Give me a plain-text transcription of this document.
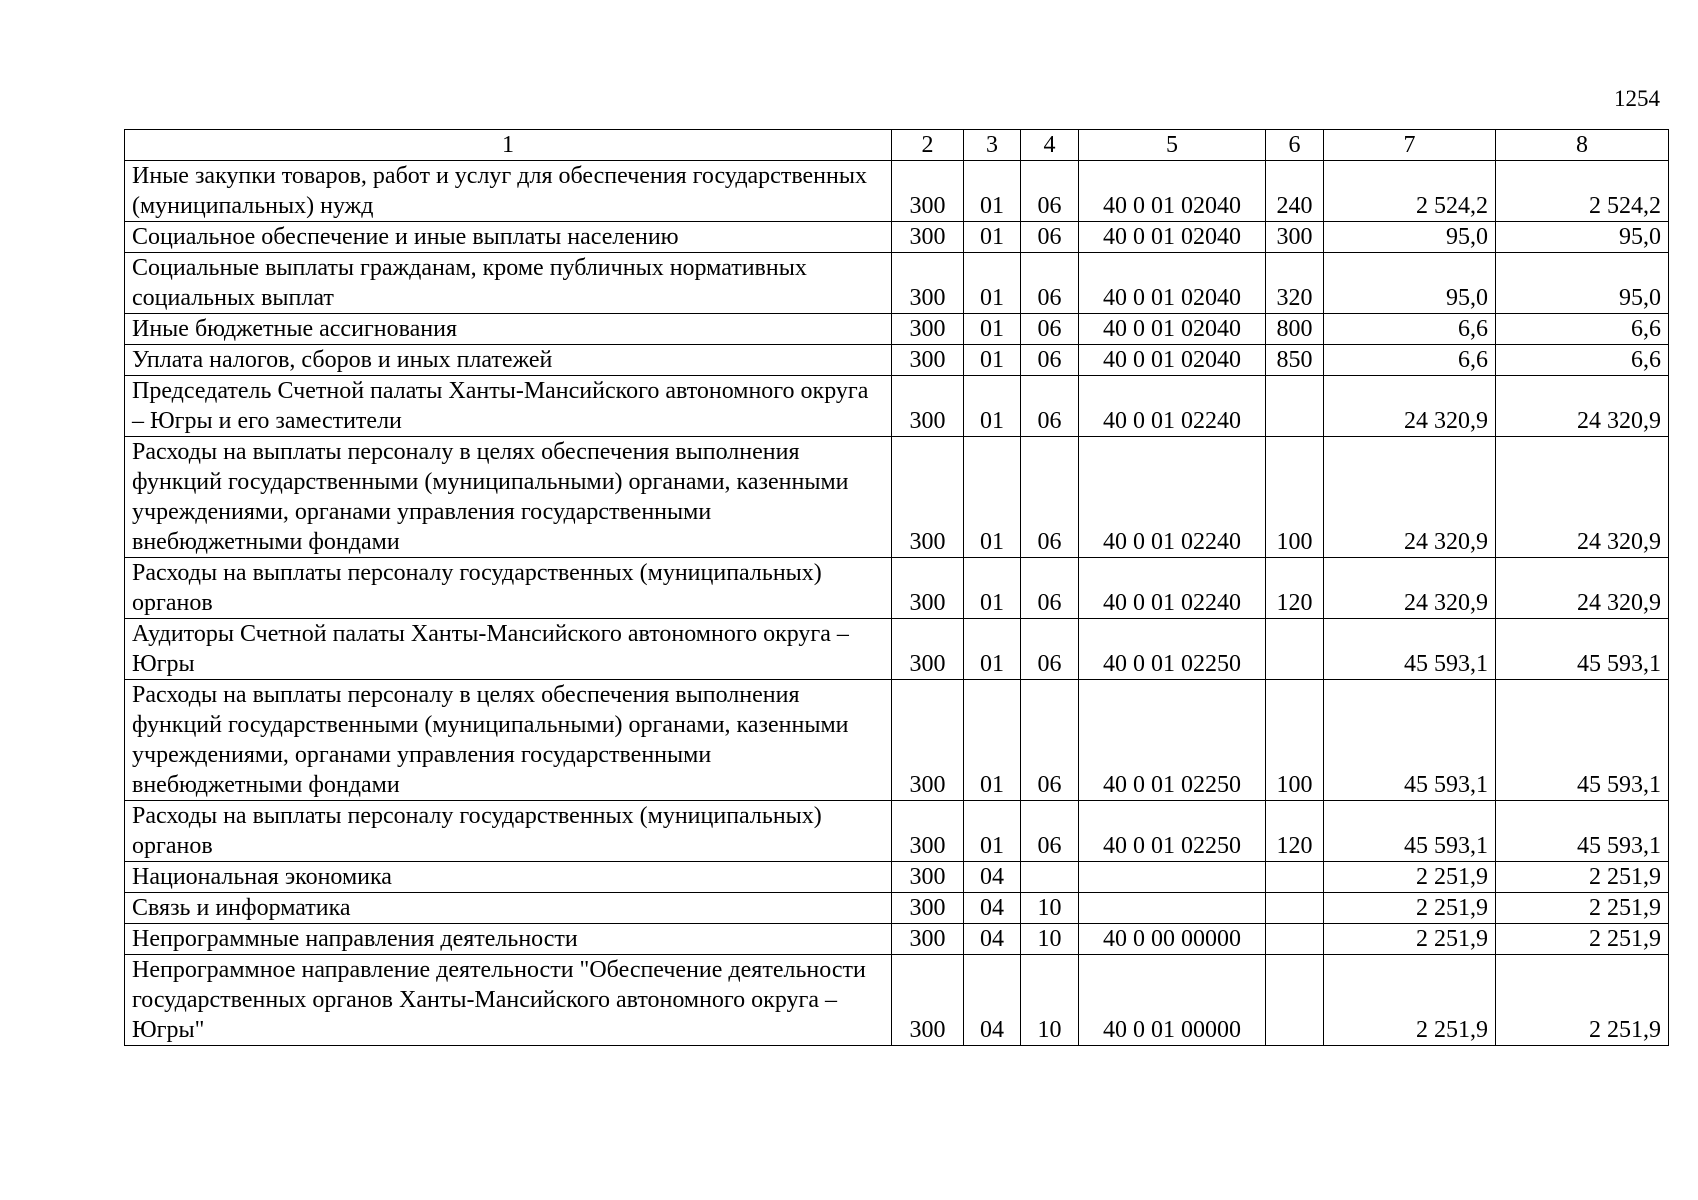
1254
1	2	3	4	5	6	7	8
Иные закупки товаров, работ и услуг для обеспечения государственных (муниципальных) нужд	300	01	06	40 0 01 02040	240	2 524,2	2 524,2
Социальное обеспечение и иные выплаты населению	300	01	06	40 0 01 02040	300	95,0	95,0
Социальные выплаты гражданам, кроме публичных нормативных социальных выплат	300	01	06	40 0 01 02040	320	95,0	95,0
Иные бюджетные ассигнования	300	01	06	40 0 01 02040	800	6,6	6,6
Уплата налогов, сборов и иных платежей	300	01	06	40 0 01 02040	850	6,6	6,6
Председатель Счетной палаты Ханты-Мансийского автономного округа – Югры и его заместители	300	01	06	40 0 01 02240		24 320,9	24 320,9
Расходы на выплаты персоналу в целях обеспечения выполнения функций государственными (муниципальными) органами, казенными учреждениями, органами управления государственными внебюджетными фондами	300	01	06	40 0 01 02240	100	24 320,9	24 320,9
Расходы на выплаты персоналу государственных (муниципальных) органов	300	01	06	40 0 01 02240	120	24 320,9	24 320,9
Аудиторы Счетной палаты Ханты-Мансийского автономного округа – Югры	300	01	06	40 0 01 02250		45 593,1	45 593,1
Расходы на выплаты персоналу в целях обеспечения выполнения функций государственными (муниципальными) органами, казенными учреждениями, органами управления государственными внебюджетными фондами	300	01	06	40 0 01 02250	100	45 593,1	45 593,1
Расходы на выплаты персоналу государственных (муниципальных) органов	300	01	06	40 0 01 02250	120	45 593,1	45 593,1
Национальная экономика	300	04				2 251,9	2 251,9
Связь и информатика	300	04	10			2 251,9	2 251,9
Непрограммные направления деятельности	300	04	10	40 0 00 00000		2 251,9	2 251,9
Непрограммное направление деятельности "Обеспечение деятельности государственных органов Ханты-Мансийского автономного округа – Югры"	300	04	10	40 0 01 00000		2 251,9	2 251,9
